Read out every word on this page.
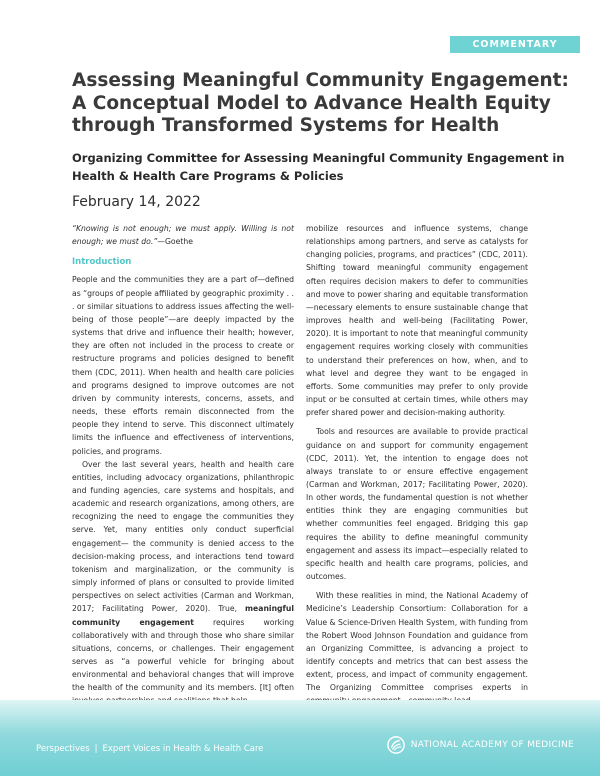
COMMENTARY
Assessing Meaningful Community Engagement:
A Conceptual Model to Advance Health Equity
through Transformed Systems for Health
Organizing Committee for Assessing Meaningful Community Engagement in
Health & Health Care Programs & Policies
February 14, 2022

“Knowing is not enough; we must apply. Willing is not enough; we must do.”—Goethe

Introduction

People and the communities they are a part of—defined as “groups of people affiliated by geographic proximity . . . or similar situations to address issues affecting the well-being of those people”—are deeply impacted by the systems that drive and influence their health; however, they are often not included in the process to create or restructure programs and policies designed to benefit them (CDC, 2011). When health and health care policies and programs designed to improve outcomes are not driven by community interests, concerns, assets, and needs, these efforts remain disconnected from the people they intend to serve. This disconnect ultimately limits the influence and effectiveness of interventions, policies, and programs.

Over the last several years, health and health care entities, including advocacy organizations, philanthropic and funding agencies, care systems and hospitals, and academic and research organizations, among others, are recognizing the need to engage the communities they serve. Yet, many entities only conduct superficial engagement— the community is denied access to the decision-making process, and interactions tend toward tokenism and marginalization, or the community is simply informed of plans or consulted to provide limited perspectives on select activities (Carman and Workman, 2017; Facilitating Power, 2020). True, meaningful community engagement requires working collaboratively with and through those who share similar situations, concerns, or challenges. Their engagement serves as “a powerful vehicle for bringing about environmental and behavioral changes that will improve the health of the community and its members. [It] often

mobilize resources and influence systems, change relationships among partners, and serve as catalysts for changing policies, programs, and practices” (CDC, 2011). Shifting toward meaningful community engagement often requires decision makers to defer to communities and move to power sharing and equitable transformation—necessary elements to ensure sustainable change that improves health and well-being (Facilitating Power, 2020). It is important to note that meaningful community engagement requires working closely with communities to understand their preferences on how, when, and to what level and degree they want to be engaged in efforts. Some communities may prefer to only provide input or be consulted at certain times, while others may prefer shared power and decision-making authority.

Tools and resources are available to provide practical guidance on and support for community engagement (CDC, 2011). Yet, the intention to engage does not always translate to or ensure effective engagement (Carman and Workman, 2017; Facilitating Power, 2020). In other words, the fundamental question is not whether entities think they are engaging communities but whether communities feel engaged. Bridging this gap requires the ability to define meaningful community engagement and assess its impact—especially related to specific health and health care programs, policies, and outcomes.

With these realities in mind, the National Academy of Medicine’s Leadership Consortium: Collaboration for a Value & Science-Driven Health System, with funding from the Robert Wood Johnson Foundation and guidance from an Organizing Committee, is advancing a project to identify concepts and metrics that can best assess the extent, process, and impact of community engagement. The Organizing Committee comprises experts in

Perspectives | Expert Voices in Health & Health Care	NATIONAL ACADEMY OF MEDICINE
